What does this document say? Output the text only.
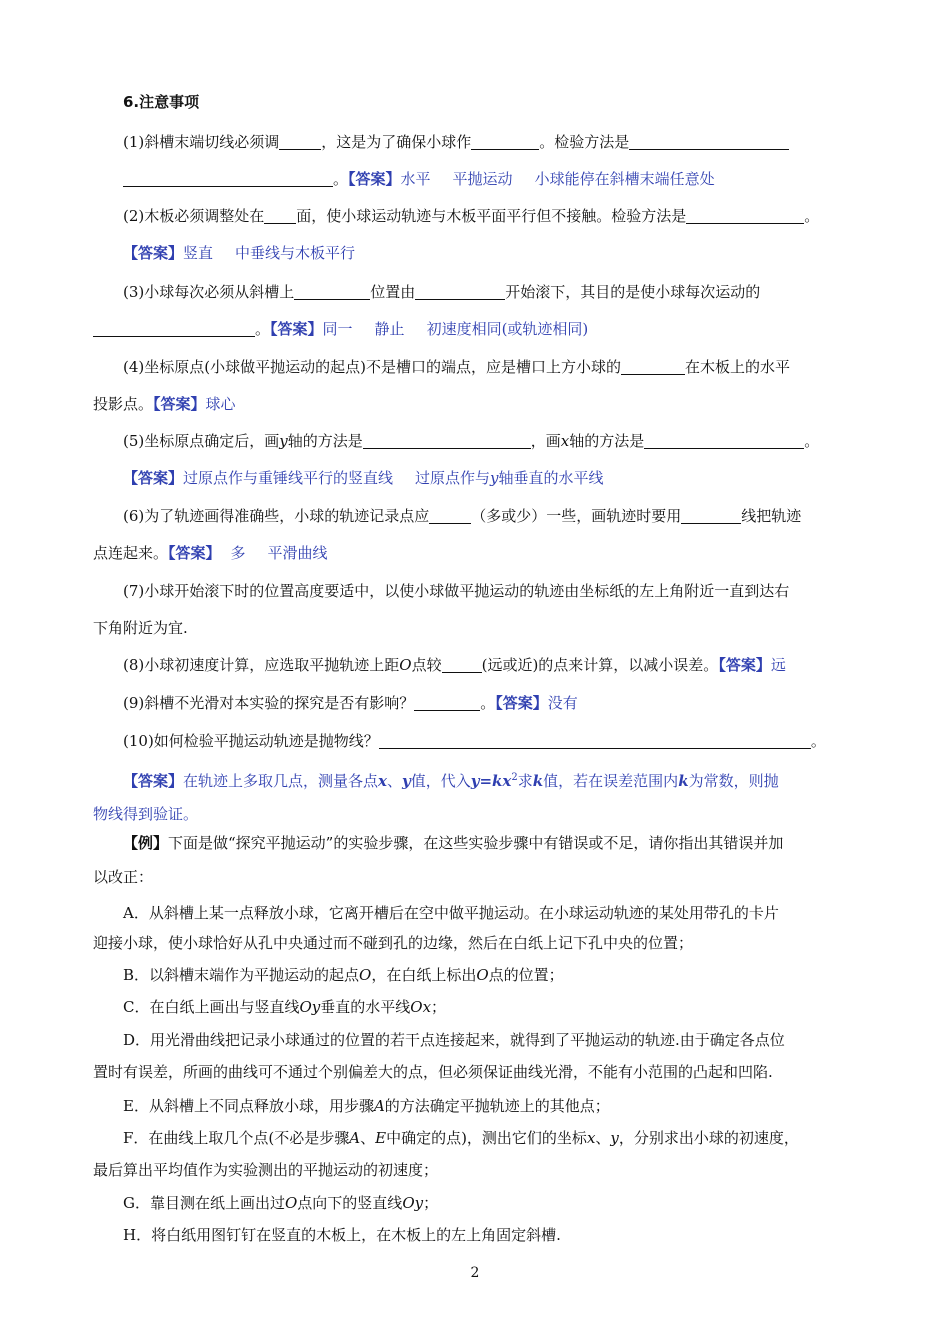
6.注意事项
(1)斜槽末端切线必须调	，这是为了确保小球作	。检验方法是
。【答案】水平 平抛运动 小球能停在斜槽末端任意处
(2)木板必须调整处在 面，使小球运动轨迹与木板平面平行但不接触。检验方法是	。
【答案】竖直 中垂线与木板平行
(3)小球每次必须从斜槽上	位置由	开始滚下，其目的是使小球每次运动的
。【答案】同一 静止 初速度相同(或轨迹相同)
(4)坐标原点(小球做平抛运动的起点)不是槽口的端点，应是槽口上方小球的	在木板上的水平
投影点。【答案】球心
(5)坐标原点确定后，画y轴的方法是	，画x轴的方法是	。
【答案】过原点作与重锤线平行的竖直线 过原点作与y轴垂直的水平线
(6)为了轨迹画得准确些，小球的轨迹记录点应	（多或少）一些，画轨迹时要用	线把轨迹
点连起来。【答案】 多 平滑曲线
(7)小球开始滚下时的位置高度要适中，以使小球做平抛运动的轨迹由坐标纸的左上角附近一直到达右
下角附近为宜.
(8)小球初速度计算，应选取平抛轨迹上距O点较	(远或近)的点来计算，以减小误差。【答案】远
(9)斜槽不光滑对本实验的探究是否有影响？	。【答案】没有
(10)如何检验平抛运动轨迹是抛物线？	。
【答案】在轨迹上多取几点，测量各点x、y值，代入$y=kx^2$求k值，若在误差范围内k为常数，则抛
物线得到验证。
【例】下面是做“探究平抛运动”的实验步骤，在这些实验步骤中有错误或不足，请你指出其错误并加
以改正：
A．从斜槽上某一点释放小球，它离开槽后在空中做平抛运动。在小球运动轨迹的某处用带孔的卡片
迎接小球，使小球恰好从孔中央通过而不碰到孔的边缘，然后在白纸上记下孔中央的位置；
B．以斜槽末端作为平抛运动的起点O，在白纸上标出O点的位置；
C．在白纸上画出与竖直线Oy垂直的水平线Ox；
D．用光滑曲线把记录小球通过的位置的若干点连接起来，就得到了平抛运动的轨迹.由于确定各点位
置时有误差，所画的曲线可不通过个别偏差大的点，但必须保证曲线光滑，不能有小范围的凸起和凹陷.
E．从斜槽上不同点释放小球，用步骤A的方法确定平抛轨迹上的其他点；
F．在曲线上取几个点(不必是步骤A、E中确定的点)，测出它们的坐标x、y，分别求出小球的初速度，
最后算出平均值作为实验测出的平抛运动的初速度；
G．靠目测在纸上画出过O点向下的竖直线Oy；
H．将白纸用图钉钉在竖直的木板上，在木板上的左上角固定斜槽.
2
